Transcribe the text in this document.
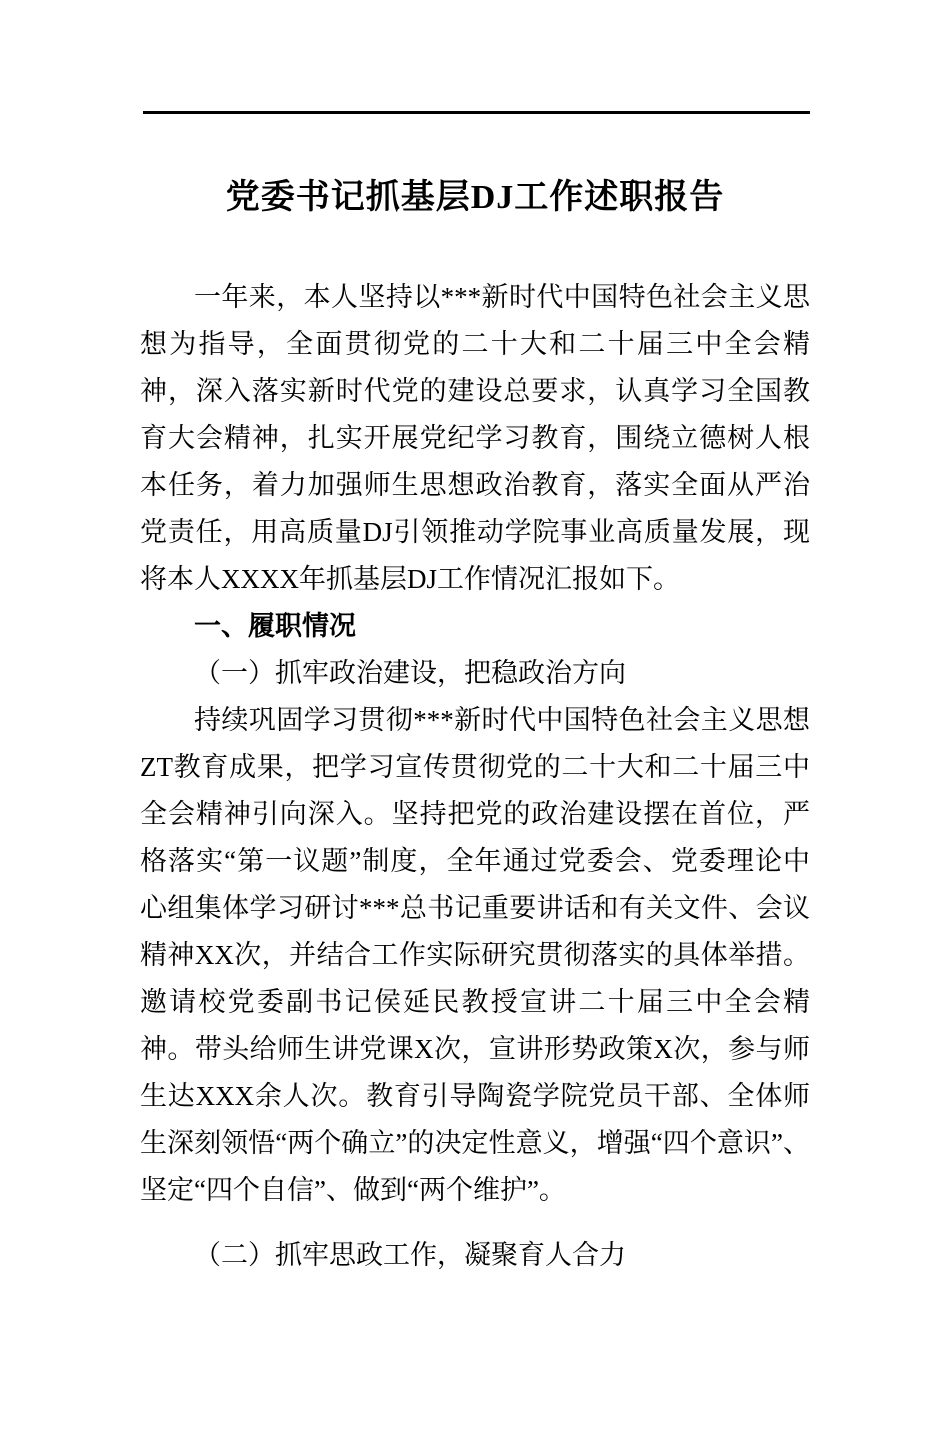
党委书记抓基层DJ工作述职报告

一年来，本人坚持以***新时代中国特色社会主义思想为指导，全面贯彻党的二十大和二十届三中全会精神，深入落实新时代党的建设总要求，认真学习全国教育大会精神，扎实开展党纪学习教育，围绕立德树人根本任务，着力加强师生思想政治教育，落实全面从严治党责任，用高质量DJ引领推动学院事业高质量发展，现将本人XXXX年抓基层DJ工作情况汇报如下。

一、履职情况

（一）抓牢政治建设，把稳政治方向

持续巩固学习贯彻***新时代中国特色社会主义思想ZT教育成果，把学习宣传贯彻党的二十大和二十届三中全会精神引向深入。坚持把党的政治建设摆在首位，严格落实“第一议题”制度，全年通过党委会、党委理论中心组集体学习研讨***总书记重要讲话和有关文件、会议精神XX次，并结合工作实际研究贯彻落实的具体举措。邀请校党委副书记侯延民教授宣讲二十届三中全会精神。带头给师生讲党课X次，宣讲形势政策X次，参与师生达XXX余人次。教育引导陶瓷学院党员干部、全体师生深刻领悟“两个确立”的决定性意义，增强“四个意识”、坚定“四个自信”、做到“两个维护”。

（二）抓牢思政工作，凝聚育人合力
